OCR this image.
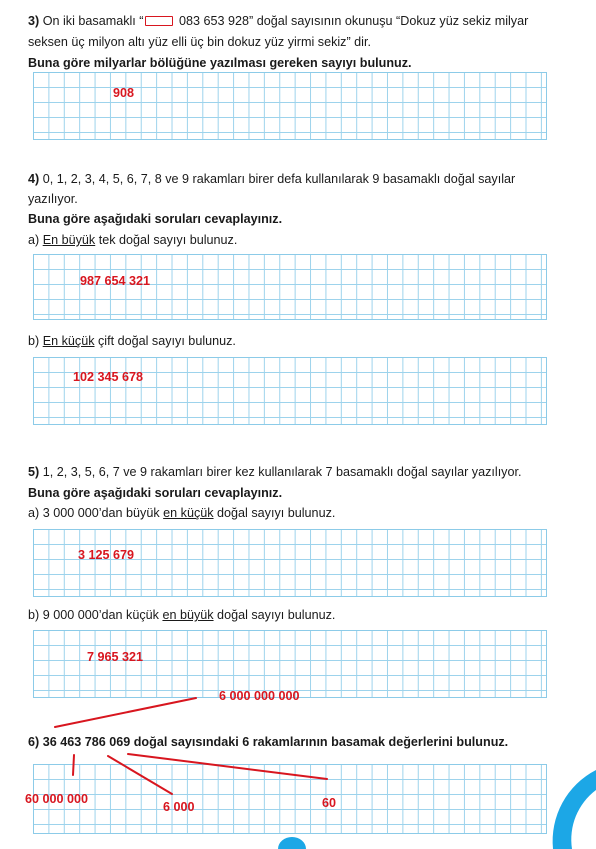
3) On iki basamaklı “	083 653 928” doğal sayısının okunuşu “Dokuz yüz sekiz milyar
seksen üç milyon altı yüz elli üç bin dokuz yüz yirmi sekiz” dir.
Buna göre milyarlar bölüğüne yazılması gereken sayıyı bulunuz.
908
4) 0, 1, 2, 3, 4, 5, 6, 7, 8 ve 9 rakamları birer defa kullanılarak 9 basamaklı doğal sayılar
yazılıyor.
Buna göre aşağıdaki soruları cevaplayınız.
a) En büyük tek doğal sayıyı bulunuz.
987 654 321
b) En küçük çift doğal sayıyı bulunuz.
102 345 678
5) 1, 2, 3, 5, 6, 7 ve 9 rakamları birer kez kullanılarak 7 basamaklı doğal sayılar yazılıyor.
Buna göre aşağıdaki soruları cevaplayınız.
a) 3 000 000’dan büyük en küçük doğal sayıyı bulunuz.
3 125 679
b) 9 000 000’dan küçük en büyük doğal sayıyı bulunuz.
7 965 321
6 000 000 000
6) 36 463 786 069 doğal sayısındaki 6 rakamlarının basamak değerlerini bulunuz.
60 000 000
6 000	60
